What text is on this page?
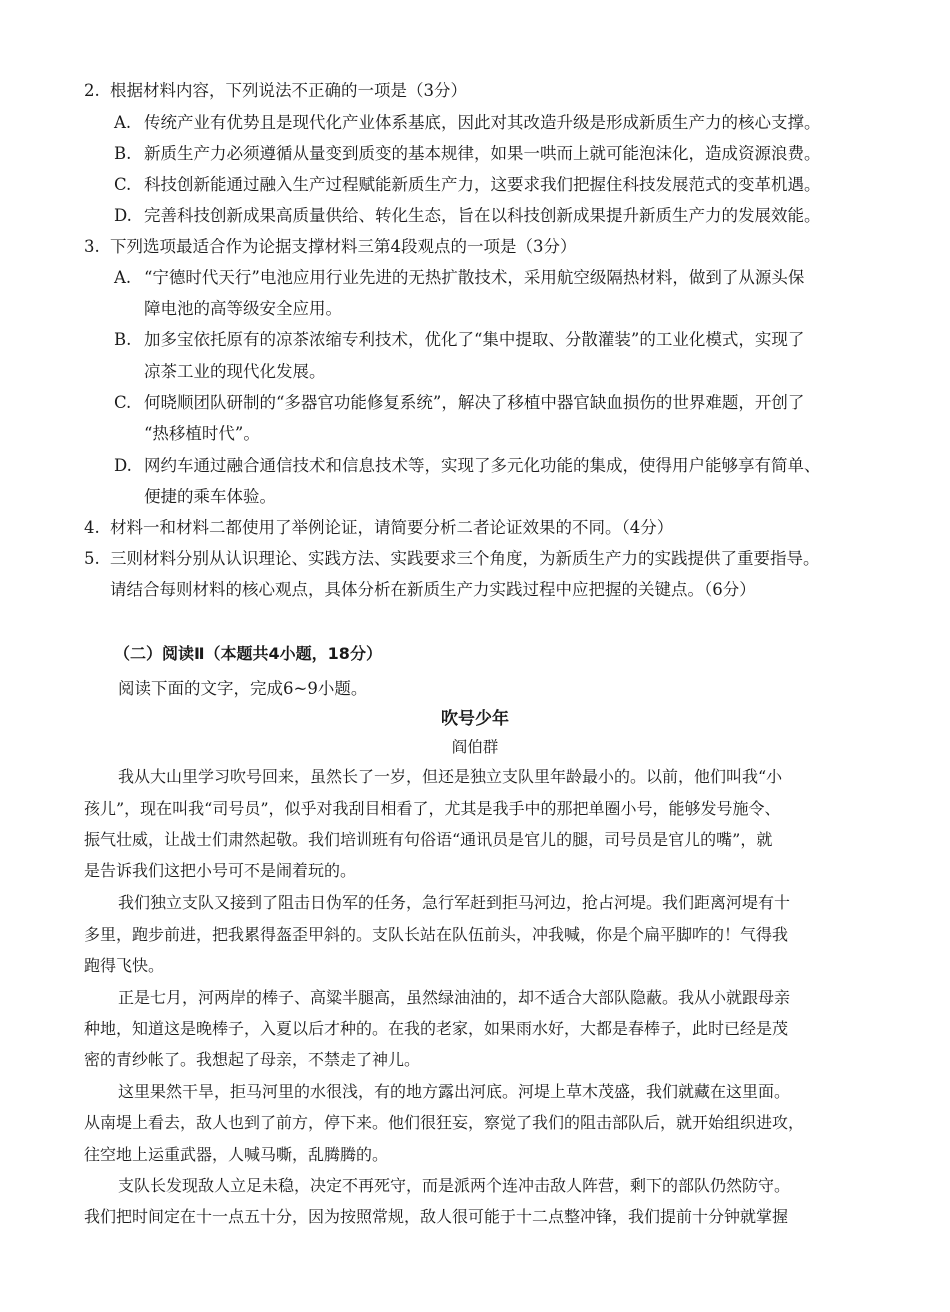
2. 根据材料内容，下列说法不正确的一项是（3分）
A. 传统产业有优势且是现代化产业体系基底，因此对其改造升级是形成新质生产力的核心支撑。
B. 新质生产力必须遵循从量变到质变的基本规律，如果一哄而上就可能泡沫化，造成资源浪费。
C. 科技创新能通过融入生产过程赋能新质生产力，这要求我们把握住科技发展范式的变革机遇。
D. 完善科技创新成果高质量供给、转化生态，旨在以科技创新成果提升新质生产力的发展效能。
3. 下列选项最适合作为论据支撑材料三第4段观点的一项是（3分）
A. “宁德时代天行”电池应用行业先进的无热扩散技术，采用航空级隔热材料，做到了从源头保
障电池的高等级安全应用。
B. 加多宝依托原有的凉茶浓缩专利技术，优化了“集中提取、分散灌装”的工业化模式，实现了
凉茶工业的现代化发展。
C. 何晓顺团队研制的“多器官功能修复系统”，解决了移植中器官缺血损伤的世界难题，开创了
“热移植时代”。
D. 网约车通过融合通信技术和信息技术等，实现了多元化功能的集成，使得用户能够享有简单、
便捷的乘车体验。
4. 材料一和材料二都使用了举例论证，请简要分析二者论证效果的不同。（4分）
5. 三则材料分别从认识理论、实践方法、实践要求三个角度，为新质生产力的实践提供了重要指导。
请结合每则材料的核心观点，具体分析在新质生产力实践过程中应把握的关键点。（6分）
（二）阅读Ⅱ（本题共4小题，18分）
阅读下面的文字，完成6~9小题。
吹号少年
阎伯群
我从大山里学习吹号回来，虽然长了一岁，但还是独立支队里年龄最小的。以前，他们叫我“小
孩儿”，现在叫我“司号员”，似乎对我刮目相看了，尤其是我手中的那把单圈小号，能够发号施令、
振气壮威，让战士们肃然起敬。我们培训班有句俗语“通讯员是官儿的腿，司号员是官儿的嘴”，就
是告诉我们这把小号可不是闹着玩的。
我们独立支队又接到了阻击日伪军的任务，急行军赶到拒马河边，抢占河堤。我们距离河堤有十
多里，跑步前进，把我累得盔歪甲斜的。支队长站在队伍前头，冲我喊，你是个扁平脚咋的！气得我
跑得飞快。
正是七月，河两岸的棒子、高粱半腿高，虽然绿油油的，却不适合大部队隐蔽。我从小就跟母亲
种地，知道这是晚棒子，入夏以后才种的。在我的老家，如果雨水好，大都是春棒子，此时已经是茂
密的青纱帐了。我想起了母亲，不禁走了神儿。
这里果然干旱，拒马河里的水很浅，有的地方露出河底。河堤上草木茂盛，我们就藏在这里面。
从南堤上看去，敌人也到了前方，停下来。他们很狂妄，察觉了我们的阻击部队后，就开始组织进攻，
往空地上运重武器，人喊马嘶，乱腾腾的。
支队长发现敌人立足未稳，决定不再死守，而是派两个连冲击敌人阵营，剩下的部队仍然防守。
我们把时间定在十一点五十分，因为按照常规，敌人很可能于十二点整冲锋，我们提前十分钟就掌握
